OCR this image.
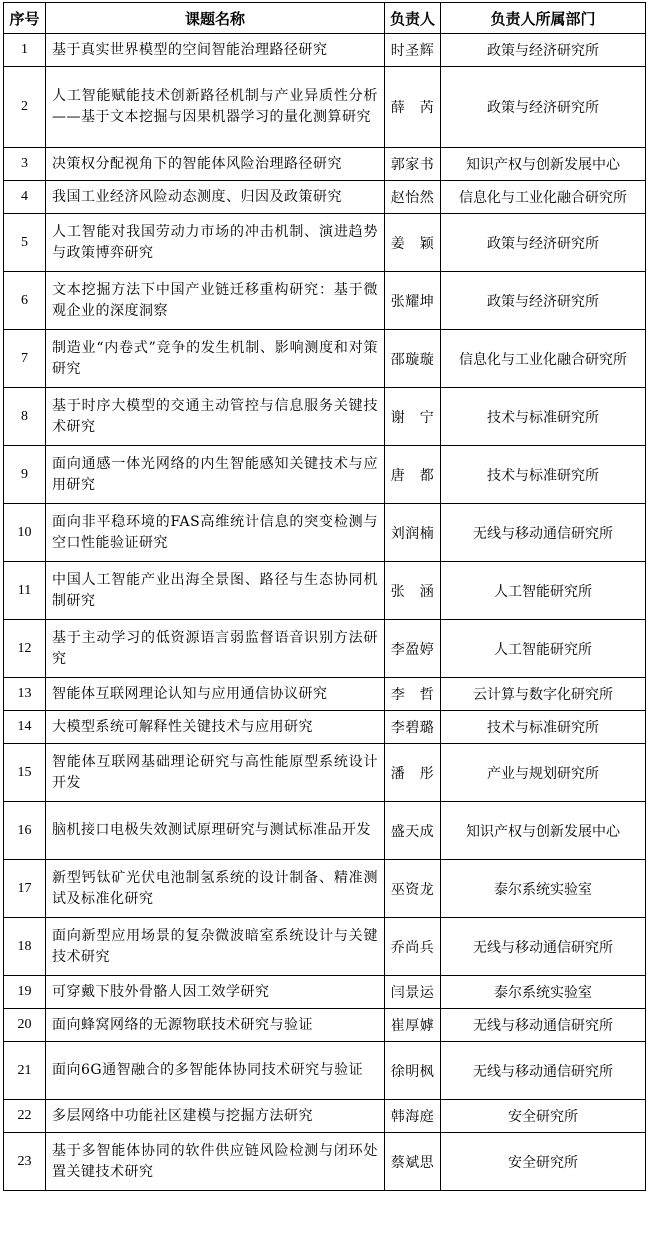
序号	课题名称	负责人	负责人所属部门
1	基于真实世界模型的空间智能治理路径研究	时圣辉	政策与经济研究所
2	人工智能赋能技术创新路径机制与产业异质性分析——基于文本挖掘与因果机器学习的量化测算研究	薛　芮	政策与经济研究所
3	决策权分配视角下的智能体风险治理路径研究	郭家书	知识产权与创新发展中心
4	我国工业经济风险动态测度、归因及政策研究	赵怡然	信息化与工业化融合研究所
5	人工智能对我国劳动力市场的冲击机制、演进趋势与政策博弈研究	姜　颖	政策与经济研究所
6	文本挖掘方法下中国产业链迁移重构研究：基于微观企业的深度洞察	张耀坤	政策与经济研究所
7	制造业“内卷式”竞争的发生机制、影响测度和对策研究	邵璇璇	信息化与工业化融合研究所
8	基于时序大模型的交通主动管控与信息服务关键技术研究	谢　宁	技术与标准研究所
9	面向通感一体光网络的内生智能感知关键技术与应用研究	唐　都	技术与标准研究所
10	面向非平稳环境的FAS高维统计信息的突变检测与空口性能验证研究	刘润楠	无线与移动通信研究所
11	中国人工智能产业出海全景图、路径与生态协同机制研究	张　涵	人工智能研究所
12	基于主动学习的低资源语言弱监督语音识别方法研究	李盈婷	人工智能研究所
13	智能体互联网理论认知与应用通信协议研究	李　哲	云计算与数字化研究所
14	大模型系统可解释性关键技术与应用研究	李碧璐	技术与标准研究所
15	智能体互联网基础理论研究与高性能原型系统设计开发	潘　彤	产业与规划研究所
16	脑机接口电极失效测试原理研究与测试标准品开发	盛天成	知识产权与创新发展中心
17	新型钙钛矿光伏电池制氢系统的设计制备、精准测试及标准化研究	巫资龙	泰尔系统实验室
18	面向新型应用场景的复杂微波暗室系统设计与关键技术研究	乔尚兵	无线与移动通信研究所
19	可穿戴下肢外骨骼人因工效学研究	闫景运	泰尔系统实验室
20	面向蜂窝网络的无源物联技术研究与验证	崔厚嫭	无线与移动通信研究所
21	面向6G通智融合的多智能体协同技术研究与验证	徐明枫	无线与移动通信研究所
22	多层网络中功能社区建模与挖掘方法研究	韩海庭	安全研究所
23	基于多智能体协同的软件供应链风险检测与闭环处置关键技术研究	蔡斌思	安全研究所
